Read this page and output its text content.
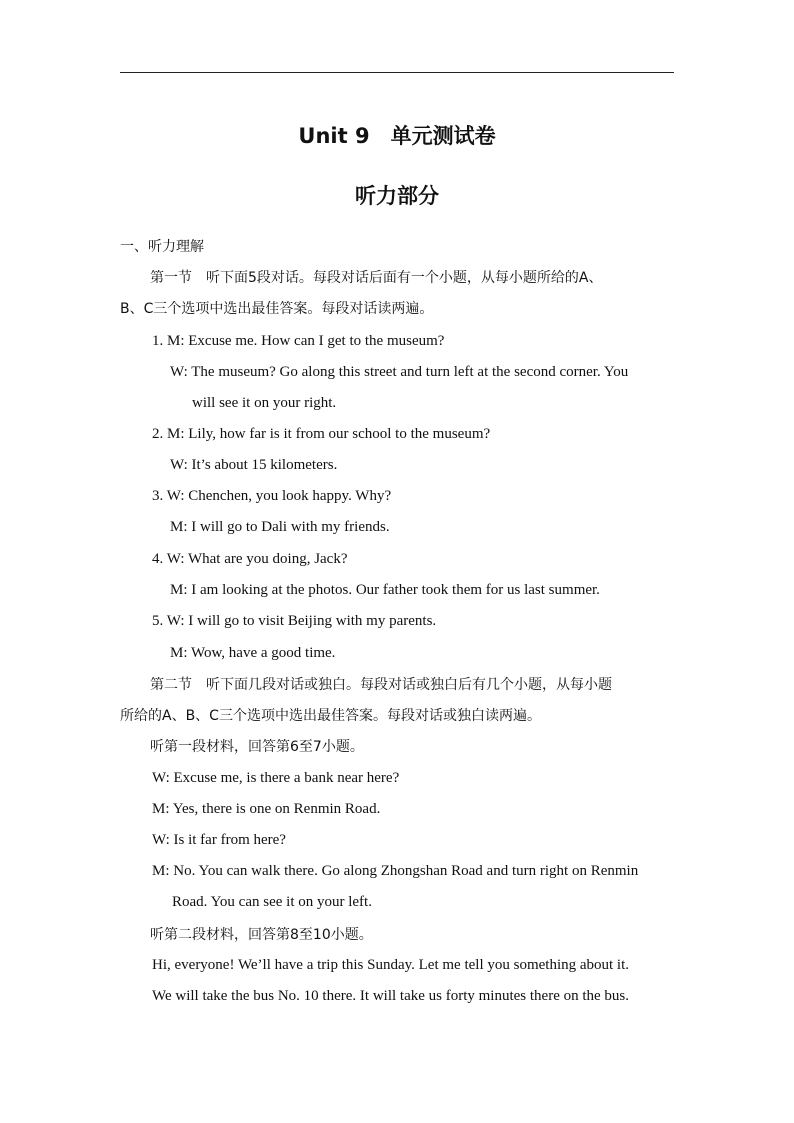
Unit 9　单元测试卷
听力部分
一、听力理解
第一节　听下面5段对话。每段对话后面有一个小题，从每小题所给的A、
B、C三个选项中选出最佳答案。每段对话读两遍。
1. M: Excuse me. How can I get to the museum?
W: The museum? Go along this street and turn left at the second corner. You
will see it on your right.
2. M: Lily, how far is it from our school to the museum?
W: It’s about 15 kilometers.
3. W: Chenchen, you look happy. Why?
M: I will go to Dali with my friends.
4. W: What are you doing, Jack?
M: I am looking at the photos. Our father took them for us last summer.
5. W: I will go to visit Beijing with my parents.
M: Wow, have a good time.
第二节　听下面几段对话或独白。每段对话或独白后有几个小题，从每小题
所给的A、B、C三个选项中选出最佳答案。每段对话或独白读两遍。
听第一段材料，回答第6至7小题。
W: Excuse me, is there a bank near here?
M: Yes, there is one on Renmin Road.
W: Is it far from here?
M: No. You can walk there. Go along Zhongshan Road and turn right on Renmin
Road. You can see it on your left.
听第二段材料，回答第8至10小题。
Hi, everyone! We’ll have a trip this Sunday. Let me tell you something about it.
We will take the bus No. 10 there. It will take us forty minutes there on the bus.
